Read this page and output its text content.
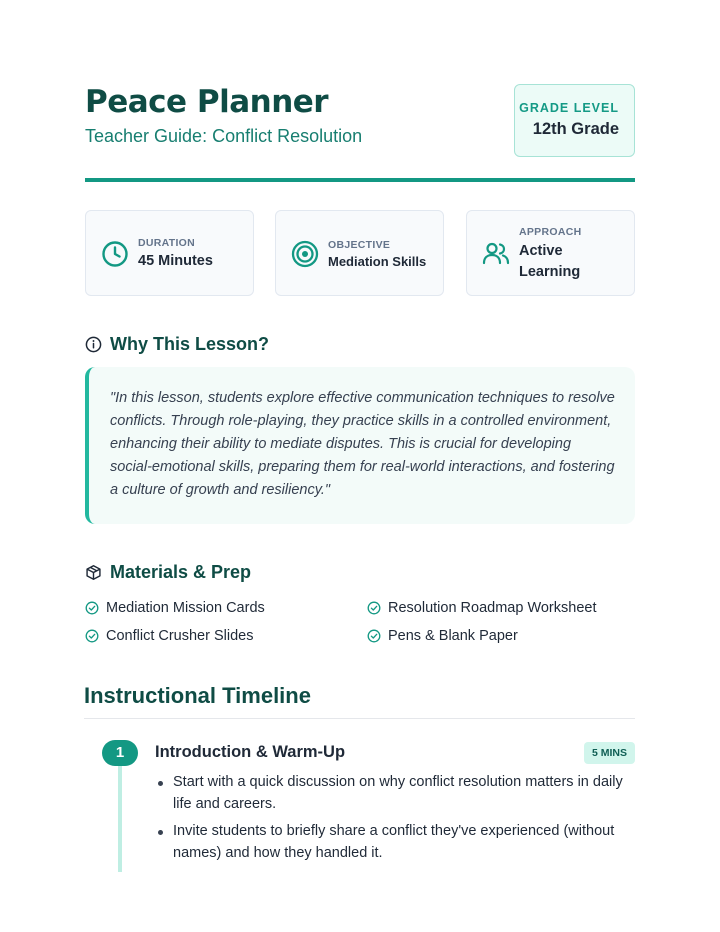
Peace Planner
Teacher Guide: Conflict Resolution
GRADE LEVEL
12th Grade
DURATION
45 Minutes
OBJECTIVE
Mediation Skills
APPROACH
Active
Learning
Why This Lesson?

"In this lesson, students explore effective communication techniques to resolve conflicts. Through role-playing, they practice skills in a controlled environment, enhancing their ability to mediate disputes. This is crucial for developing social-emotional skills, preparing them for real-world interactions, and fostering a culture of growth and resiliency."

Materials & Prep
Mediation Mission Cards	Resolution Roadmap Worksheet
Conflict Crusher Slides	Pens & Blank Paper
Instructional Timeline
1	Introduction & Warm-Up	5 MINS
Start with a quick discussion on why conflict resolution matters in daily life and careers.
Invite students to briefly share a conflict they've experienced (without names) and how they handled it.
